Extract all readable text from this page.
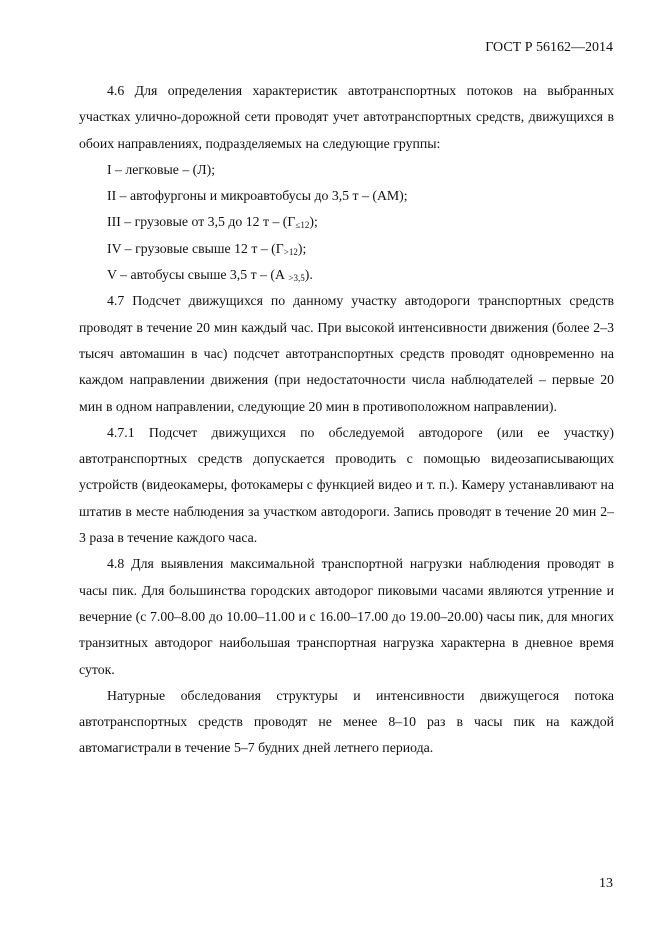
ГОСТ Р 56162—2014

4.6 Для определения характеристик автотранспортных потоков на выбранных участках улично-дорожной сети проводят учет автотранспортных средств, движущихся в обоих направлениях, подразделяемых на следующие группы:

I – легковые – (Л);

II – автофургоны и микроавтобусы до 3,5 т – (АМ);

III – грузовые от 3,5 до 12 т – $(Г_{\le 12})$;

IV – грузовые свыше 12 т – $(Г_{>12})$;

V – автобусы свыше 3,5 т – (А $_{>3,5}$).

4.7 Подсчет движущихся по данному участку автодороги транспортных средств проводят в течение 20 мин каждый час. При высокой интенсивности движения (более 2–3 тысяч автомашин в час) подсчет автотранспортных средств проводят одновременно на каждом направлении движения (при недостаточности числа наблюдателей – первые 20 мин в одном направлении, следующие 20 мин в противоположном направлении).

4.7.1 Подсчет движущихся по обследуемой автодороге (или ее участку) автотранспортных средств допускается проводить с помощью видеозаписывающих устройств (видеокамеры, фотокамеры с функцией видео и т. п.). Камеру устанавливают на штатив в месте наблюдения за участком автодороги. Запись проводят в течение 20 мин 2–3 раза в течение каждого часа.

4.8 Для выявления максимальной транспортной нагрузки наблюдения проводят в часы пик. Для большинства городских автодорог пиковыми часами являются утренние и вечерние (с 7.00–8.00 до 10.00–11.00 и с 16.00–17.00 до 19.00–20.00) часы пик, для многих транзитных автодорог наибольшая транспортная нагрузка характерна в дневное время суток.

Натурные обследования структуры и интенсивности движущегося потока автотранспортных средств проводят не менее 8–10 раз в часы пик на каждой автомагистрали в течение 5–7 будних дней летнего периода.

13
